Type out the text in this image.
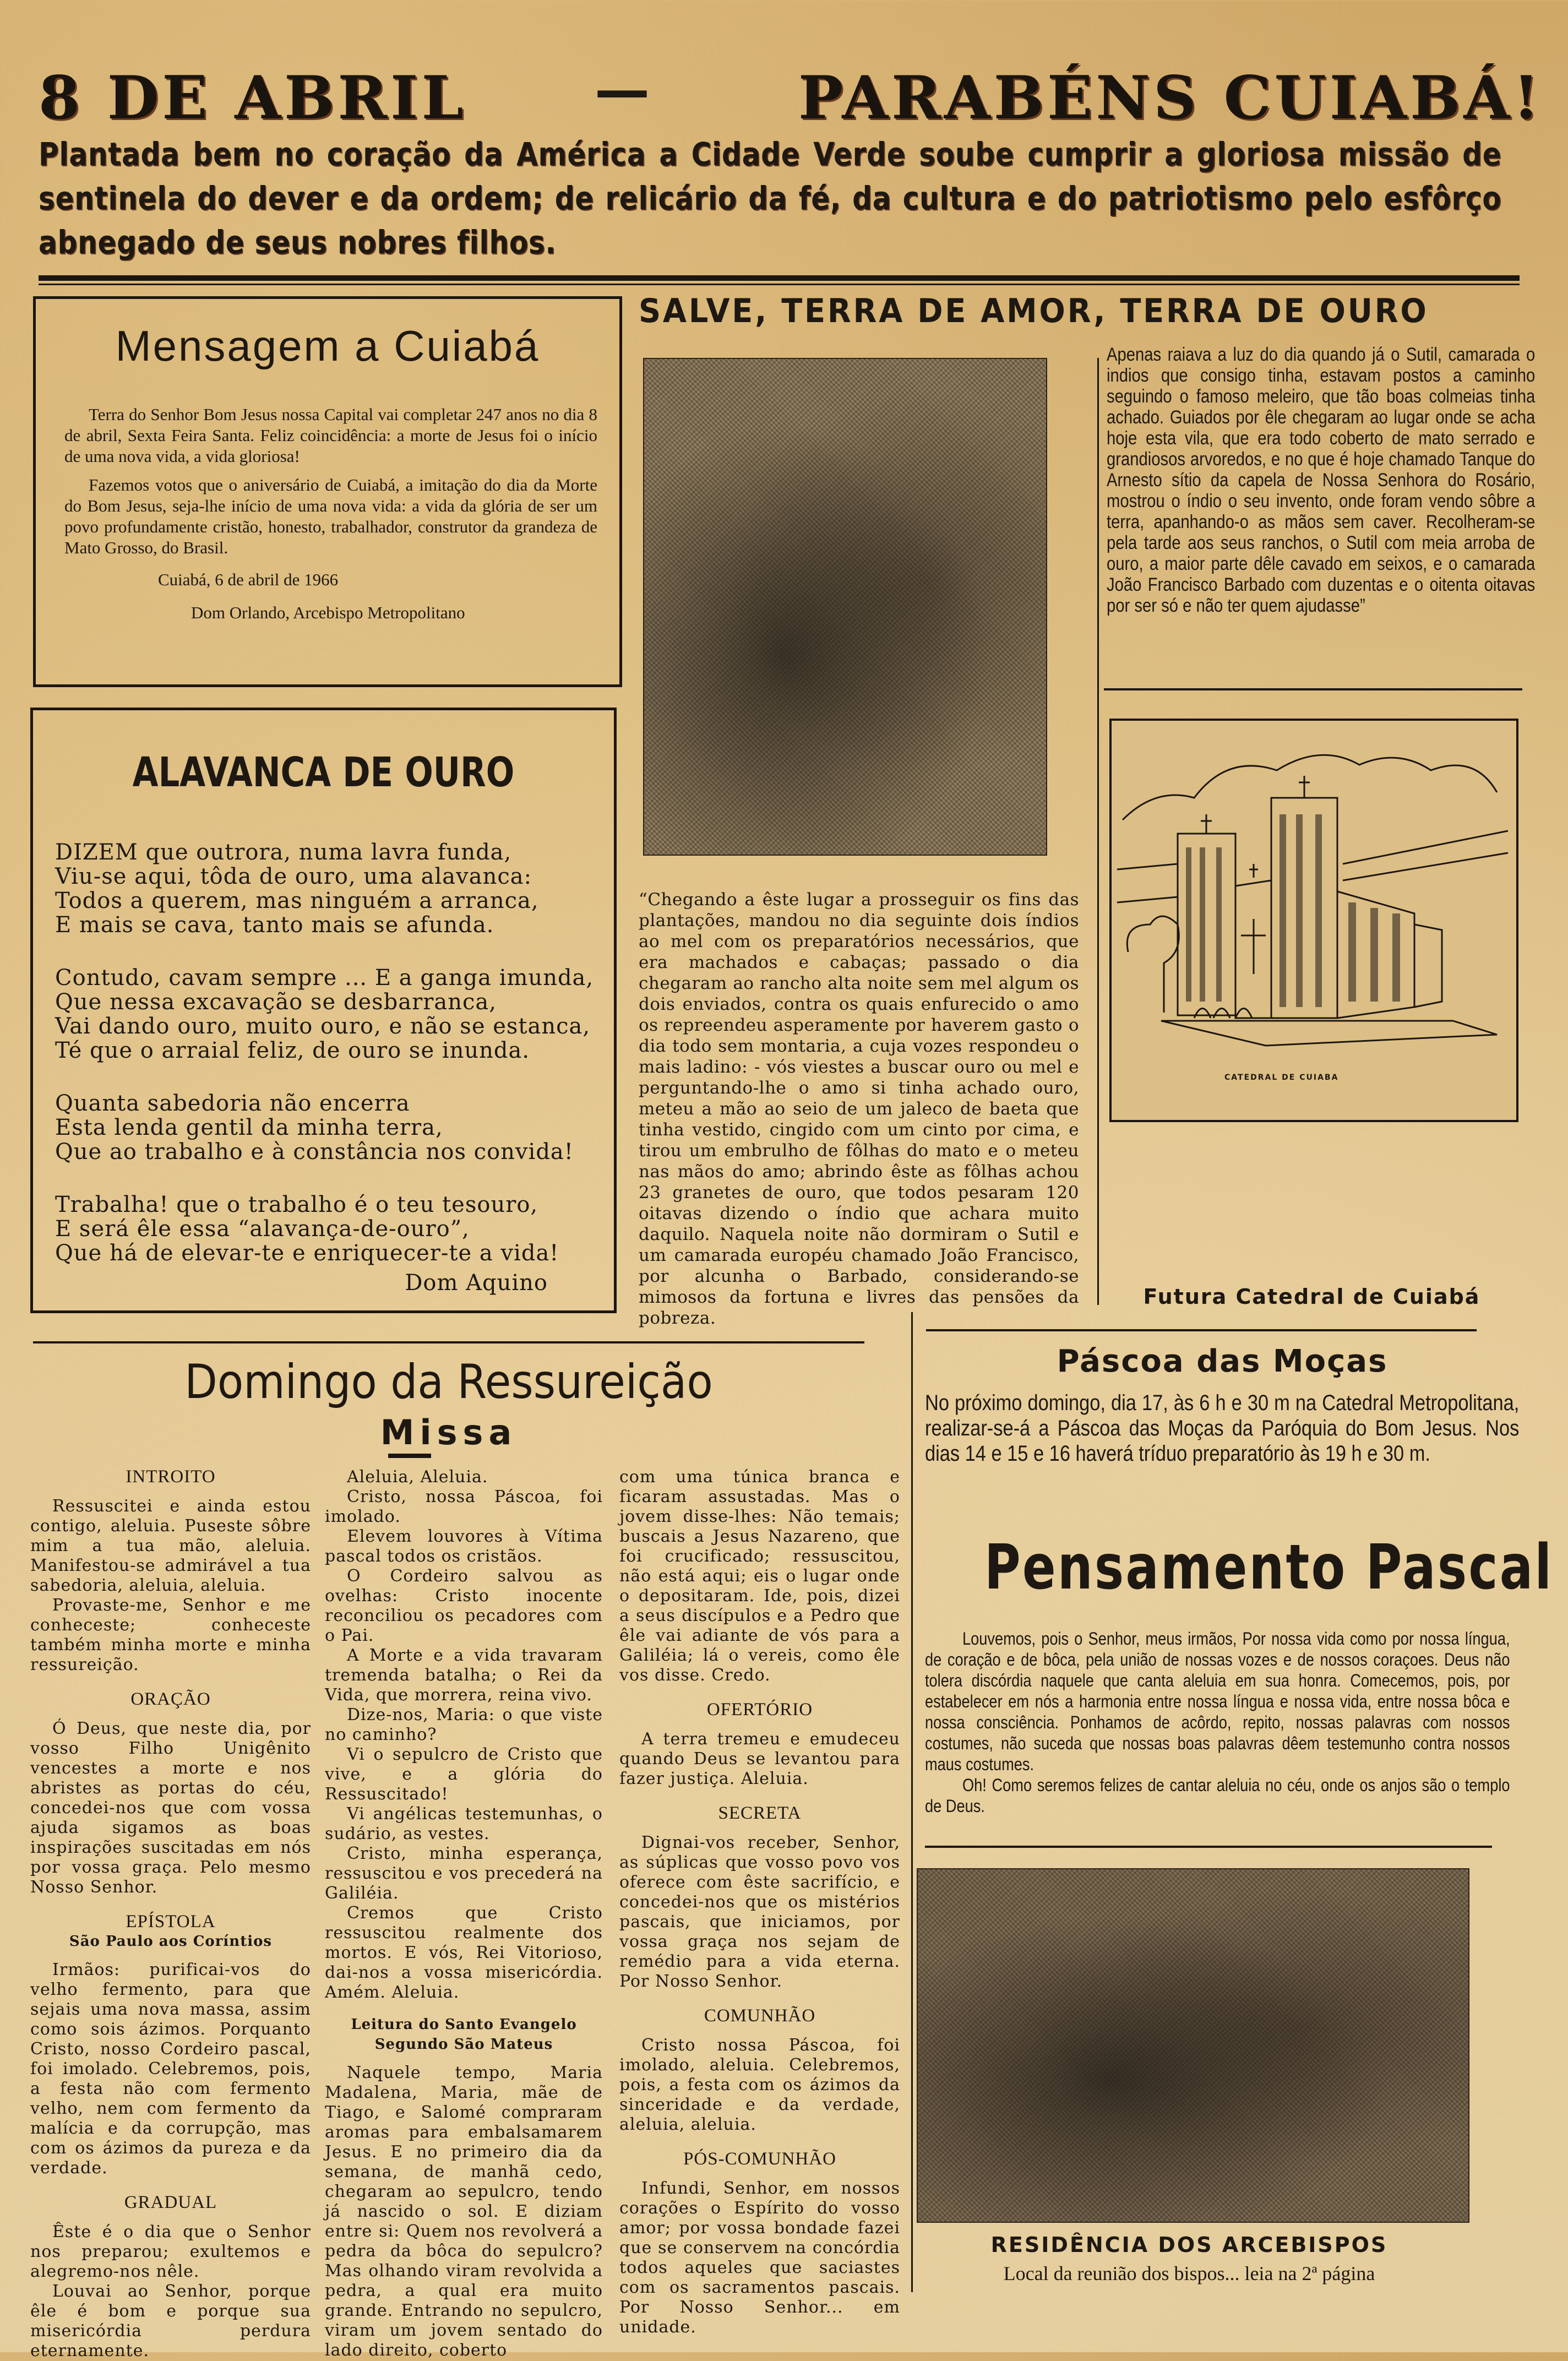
8 DE ABRIL —	PARABÉNS CUIABÁ!
Plantada bem no coração da América a Cidade Verde soube cumprir a gloriosa missão de sentinela do dever e da ordem; de relicário da fé, da cultura e do patriotismo pelo esfôrço abnegado de seus nobres filhos.
Mensagem a Cuiabá

Terra do Senhor Bom Jesus nossa Capital vai completar 247 anos no dia 8 de abril, Sexta Feira Santa. Feliz coincidência: a morte de Jesus foi o início de uma nova vida, a vida gloriosa!

Fazemos votos que o aniversário de Cuiabá, a imitação do dia da Morte do Bom Jesus, seja-lhe início de uma nova vida: a vida da glória de ser um povo profundamente cristão, honesto, trabalhador, construtor da grandeza de Mato Grosso, do Brasil.

Cuiabá, 6 de abril de 1966

Dom Orlando, Arcebispo Metropolitano

ALAVANCA DE OURO
DIZEM que outrora, numa lavra funda,
Viu-se aqui, tôda de ouro, uma alavanca:
Todos a querem, mas ninguém a arranca,
E mais se cava, tanto mais se afunda.
Contudo, cavam sempre ... E a ganga imunda,
Que nessa excavação se desbarranca,
Vai dando ouro, muito ouro, e não se estanca,
Té que o arraial feliz, de ouro se inunda.
Quanta sabedoria não encerra
Esta lenda gentil da minha terra,
Que ao trabalho e à constância nos convida!
Trabalha! que o trabalho é o teu tesouro,
E será êle essa “alavança-de-ouro”,
Que há de elevar-te e enriquecer-te a vida!
Dom Aquino
SALVE, TERRA DE AMOR, TERRA DE OURO
Apenas raiava a luz do dia quando já o Sutil, camarada o indios que consigo tinha, estavam postos a caminho seguindo o famoso meleiro, que tão boas colmeias tinha achado. Guiados por êle chegaram ao lugar onde se acha hoje esta vila, que era todo coberto de mato serrado e grandiosos arvoredos, e no que é hoje chamado Tanque do Arnesto sítio da capela de Nossa Senhora do Rosário, mostrou o índio o seu invento, onde foram vendo sôbre a terra, apanhando-o as mãos sem caver. Recolheram-se pela tarde aos seus ranchos, o Sutil com meia arroba de ouro, a maior parte dêle cavado em seixos, e o camarada João Francisco Barbado com duzentas e o oitenta oitavas por ser só e não ter quem ajudasse”
“Chegando a êste lugar a prosseguir os fins das plantações, mandou no dia seguinte dois índios ao mel com os preparatórios necessários, que era machados e cabaças; passado o dia chegaram ao rancho alta noite sem mel algum os dois enviados, contra os quais enfurecido o amo os repreendeu asperamente por haverem gasto o dia todo sem montaria, a cuja vozes respondeu o mais ladino: - vós viestes a buscar ouro ou mel e perguntando-lhe o amo si tinha achado ouro, meteu a mão ao seio de um jaleco de baeta que tinha vestido, cingido com um cinto por cima, e tirou um embrulho de fôlhas do mato e o meteu nas mãos do amo; abrindo êste as fôlhas achou 23 granetes de ouro, que todos pesaram 120 oitavas dizendo o índio que achara muito daquilo. Naquela noite não dormiram o Sutil e um camarada européu chamado João Francisco, por alcunha o Barbado, considerando-se mimosos da fortuna e livres das pensões da pobreza.
CATEDRAL DE CUIABA
Futura Catedral de Cuiabá
Domingo da Ressureição
Missa
INTROITO

Ressuscitei e ainda estou contigo, aleluia. Puseste sôbre mim a tua mão, aleluia. Manifestou-se admirável a tua sabedoria, aleluia, aleluia.

Provaste-me, Senhor e me conheceste; conheceste também minha morte e minha ressureição.

ORAÇÃO

Ó Deus, que neste dia, por vosso Filho Unigênito vencestes a morte e nos abristes as portas do céu, concedei-nos que com vossa ajuda sigamos as boas inspirações suscitadas em nós por vossa graça. Pelo mesmo Nosso Senhor.

EPÍSTOLA
São Paulo aos Coríntios

Irmãos: purificai-vos do velho fermento, para que sejais uma nova massa, assim como sois ázimos. Porquanto Cristo, nosso Cordeiro pascal, foi imolado. Celebremos, pois, a festa não com fermento velho, nem com fermento da malícia e da corrupção, mas com os ázimos da pureza e da verdade.

GRADUAL

Êste é o dia que o Senhor nos preparou; exultemos e alegremo-nos nêle.

Louvai ao Senhor, porque êle é bom e porque sua misericórdia perdura eternamente.

Aleluia, Aleluia.

Cristo, nossa Páscoa, foi imolado.

Elevem louvores à Vítima pascal todos os cristãos.

O Cordeiro salvou as ovelhas: Cristo inocente reconciliou os pecadores com o Pai.

A Morte e a vida travaram tremenda batalha; o Rei da Vida, que morrera, reina vivo.

Dize-nos, Maria: o que viste no caminho?

Vi o sepulcro de Cristo que vive, e a glória do Ressuscitado!

Vi angélicas testemunhas, o sudário, as vestes.

Cristo, minha esperança, ressuscitou e vos precederá na Galiléia.

Cremos que Cristo ressuscitou realmente dos mortos. E vós, Rei Vitorioso, dai-nos a vossa misericórdia. Amém. Aleluia.

Leitura do Santo Evangelo Segundo São Mateus

Naquele tempo, Maria Madalena, Maria, mãe de Tiago, e Salomé compraram aromas para embalsamarem Jesus. E no primeiro dia da semana, de manhã cedo, chegaram ao sepulcro, tendo já nascido o sol. E diziam entre si: Quem nos revolverá a pedra da bôca do sepulcro? Mas olhando viram revolvida a pedra, a qual era muito grande. Entrando no sepulcro, viram um jovem sentado do lado direito, coberto

com uma túnica branca e ficaram assustadas. Mas o jovem disse-lhes: Não temais; buscais a Jesus Nazareno, que foi crucificado; ressuscitou, não está aqui; eis o lugar onde o depositaram. Ide, pois, dizei a seus discípulos e a Pedro que êle vai adiante de vós para a Galiléia; lá o vereis, como êle vos disse. Credo.

OFERTÓRIO

A terra tremeu e emudeceu quando Deus se levantou para fazer justiça. Aleluia.

SECRETA

Dignai-vos receber, Senhor, as súplicas que vosso povo vos oferece com êste sacrifício, e concedei-nos que os mistérios pascais, que iniciamos, por vossa graça nos sejam de remédio para a vida eterna. Por Nosso Senhor.

COMUNHÃO

Cristo nossa Páscoa, foi imolado, aleluia. Celebremos, pois, a festa com os ázimos da sinceridade e da verdade, aleluia, aleluia.

PÓS-COMUNHÃO

Infundi, Senhor, em nossos corações o Espírito do vosso amor; por vossa bondade fazei que se conservem na concórdia todos aqueles que saciastes com os sacramentos pascais. Por Nosso Senhor... em unidade.

Páscoa das Moças
No próximo domingo, dia 17, às 6 h e 30 m na Catedral Metropolitana, realizar-se-á a Páscoa das Moças da Paróquia do Bom Jesus. Nos dias 14 e 15 e 16 haverá tríduo preparatório às 19 h e 30 m.
Pensamento Pascal

Louvemos, pois o Senhor, meus irmãos, Por nossa vida como por nossa língua, de coração e de bôca, pela união de nossas vozes e de nossos coraçoes. Deus não tolera discórdia naquele que canta aleluia em sua honra. Comecemos, pois, por estabelecer em nós a harmonia entre nossa língua e nossa vida, entre nossa bôca e nossa consciência. Ponhamos de acôrdo, repito, nossas palavras com nossos costumes, não suceda que nossas boas palavras dêem testemunho contra nossos maus costumes.

Oh! Como seremos felizes de cantar aleluia no céu, onde os anjos são o templo de Deus.

RESIDÊNCIA DOS ARCEBISPOS
Local da reunião dos bispos... leia na 2ª página
